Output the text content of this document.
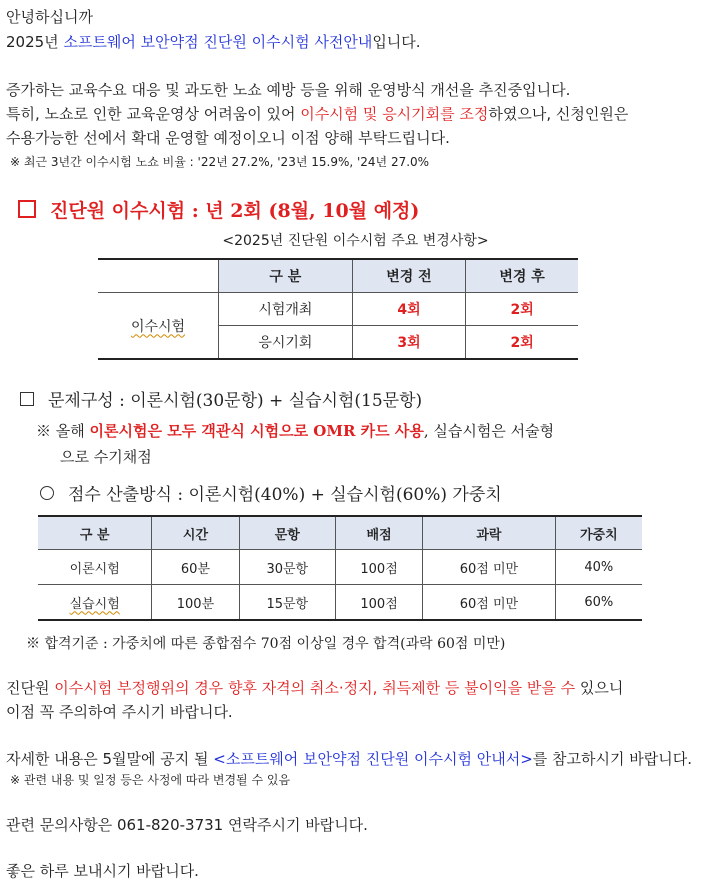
안녕하십니까
2025년 소프트웨어 보안약점 진단원 이수시험 사전안내입니다.
증가하는 교육수요 대응 및 과도한 노쇼 예방 등을 위해 운영방식 개선을 추진중입니다.
특히, 노쇼로 인한 교육운영상 어려움이 있어 이수시험 및 응시기회를 조정하였으나, 신청인원은
수용가능한 선에서 확대 운영할 예정이오니 이점 양해 부탁드립니다.
※ 최근 3년간 이수시험 노쇼 비율 : '22년 27.2%, '23년 15.9%, '24년 27.0%
진단원 이수시험 : 년 2회 (8월, 10월 예정)
<2025년 진단원 이수시험 주요 변경사항>
	구 분	변경 전	변경 후
이수시험	시험개최	4회	2회
	응시기회	3회	2회
문제구성 : 이론시험(30문항) + 실습시험(15문항)
※ 올해 이론시험은 모두 객관식 시험으로 OMR 카드 사용, 실습시험은 서술형
으로 수기채점
점수 산출방식 : 이론시험(40%) + 실습시험(60%) 가중치
구 분	시간	문항	배점	과락	가중치
이론시험	60분	30문항	100점	60점 미만	40%
실습시험	100분	15문항	100점	60점 미만	60%
※ 합격기준 : 가중치에 따른 종합점수 70점 이상일 경우 합격(과락 60점 미만)
진단원 이수시험 부정행위의 경우 향후 자격의 취소·정지, 취득제한 등 불이익을 받을 수 있으니
이점 꼭 주의하여 주시기 바랍니다.
자세한 내용은 5월말에 공지 될 <소프트웨어 보안약점 진단원 이수시험 안내서>를 참고하시기 바랍니다.
※ 관련 내용 및 일정 등은 사정에 따라 변경될 수 있음
관련 문의사항은 061-820-3731 연락주시기 바랍니다.
좋은 하루 보내시기 바랍니다.
